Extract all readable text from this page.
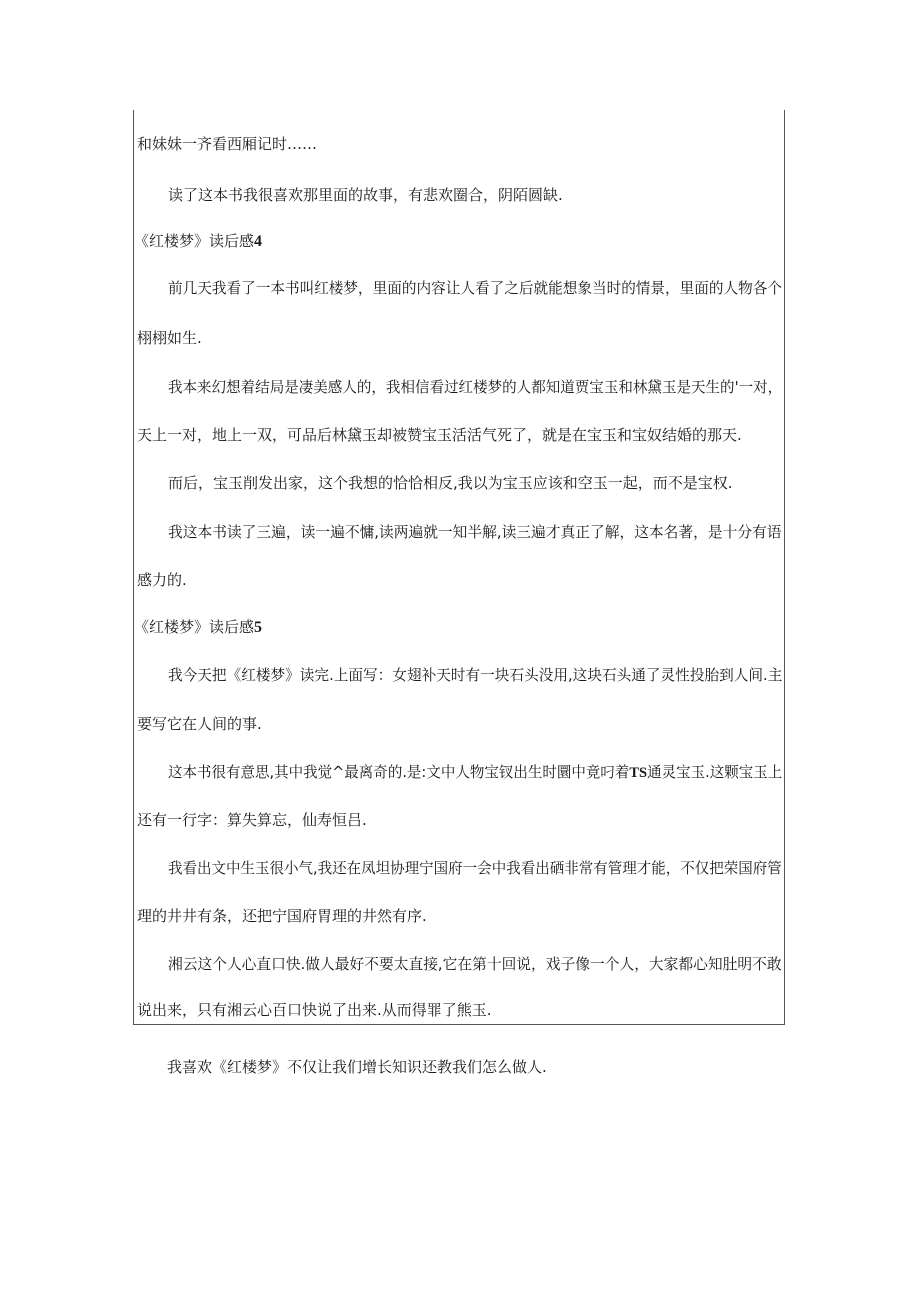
和妹妹一齐看西厢记时……
读了这本书我很喜欢那里面的故事，有悲欢圈合，阴陌圆缺.
《红楼梦》读后感4
前几天我看了一本书叫红楼梦，里面的内容让人看了之后就能想象当时的情景，里面的人物各个
栩栩如生.
我本来幻想着结局是凄美感人的，我相信看过红楼梦的人都知道贾宝玉和林黛玉是天生的'一对，
天上一对，地上一双，可品后林黛玉却被赞宝玉活活气死了，就是在宝玉和宝奴结婚的那天.
而后，宝玉削发出家，这个我想的恰恰相反,我以为宝玉应该和空玉一起，而不是宝权.
我这本书读了三遍，读一遍不慵,读两遍就一知半解,读三遍才真正了解，这本名著，是十分有语
感力的.
《红楼梦》读后感5
我今天把《红楼梦》读完.上面写：女翅补天时有一块石头没用,这块石头通了灵性投胎到人间.主
要写它在人间的事.
这本书很有意思,其中我觉^最离奇的.是:文中人物宝钗出生时圜中竟叼着TS通灵宝玉.这颗宝玉上
还有一行字：算失算忘，仙寿恒吕.
我看出文中生玉很小气,我还在凤坦协理宁国府一会中我看出硒非常有管理才能，不仅把荣国府管
理的井井有条，还把宁国府胃理的井然有序.
湘云这个人心直口快.做人最好不要太直接,它在第十回说，戏子像一个人，大家都心知肚明不敢
说出来，只有湘云心百口快说了出来.从而得罪了熊玉.
我喜欢《红楼梦》不仅让我们增长知识还教我们怎么做人.
